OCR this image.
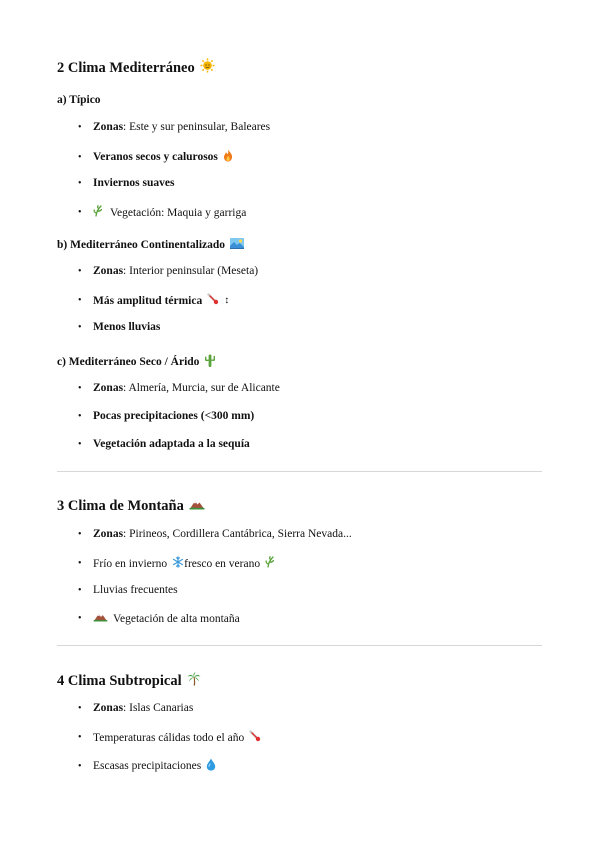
2 Clima Mediterráneo
a) Típico
• Zonas : Este y sur peninsular, Baleares
• Veranos secos y calurosos
• Inviernos suaves
•	Vegetación: Maquia y garriga
b) Mediterráneo Continentalizado
• Zonas : Interior peninsular (Meseta)
• Más amplitud térmica ↕
• Menos lluvias
c) Mediterráneo Seco / Árido
• Zonas : Almería, Murcia, sur de Alicante
• Pocas precipitaciones (<300 mm)
• Vegetación adaptada a la sequía
3 Clima de Montaña
• Zonas : Pirineos, Cordillera Cantábrica, Sierra Nevada...
• Frío en invierno fresco en verano
• Lluvias frecuentes
•	Vegetación de alta montaña
4 Clima Subtropical
• Zonas : Islas Canarias
• Temperaturas cálidas todo el año
• Escasas precipitaciones
